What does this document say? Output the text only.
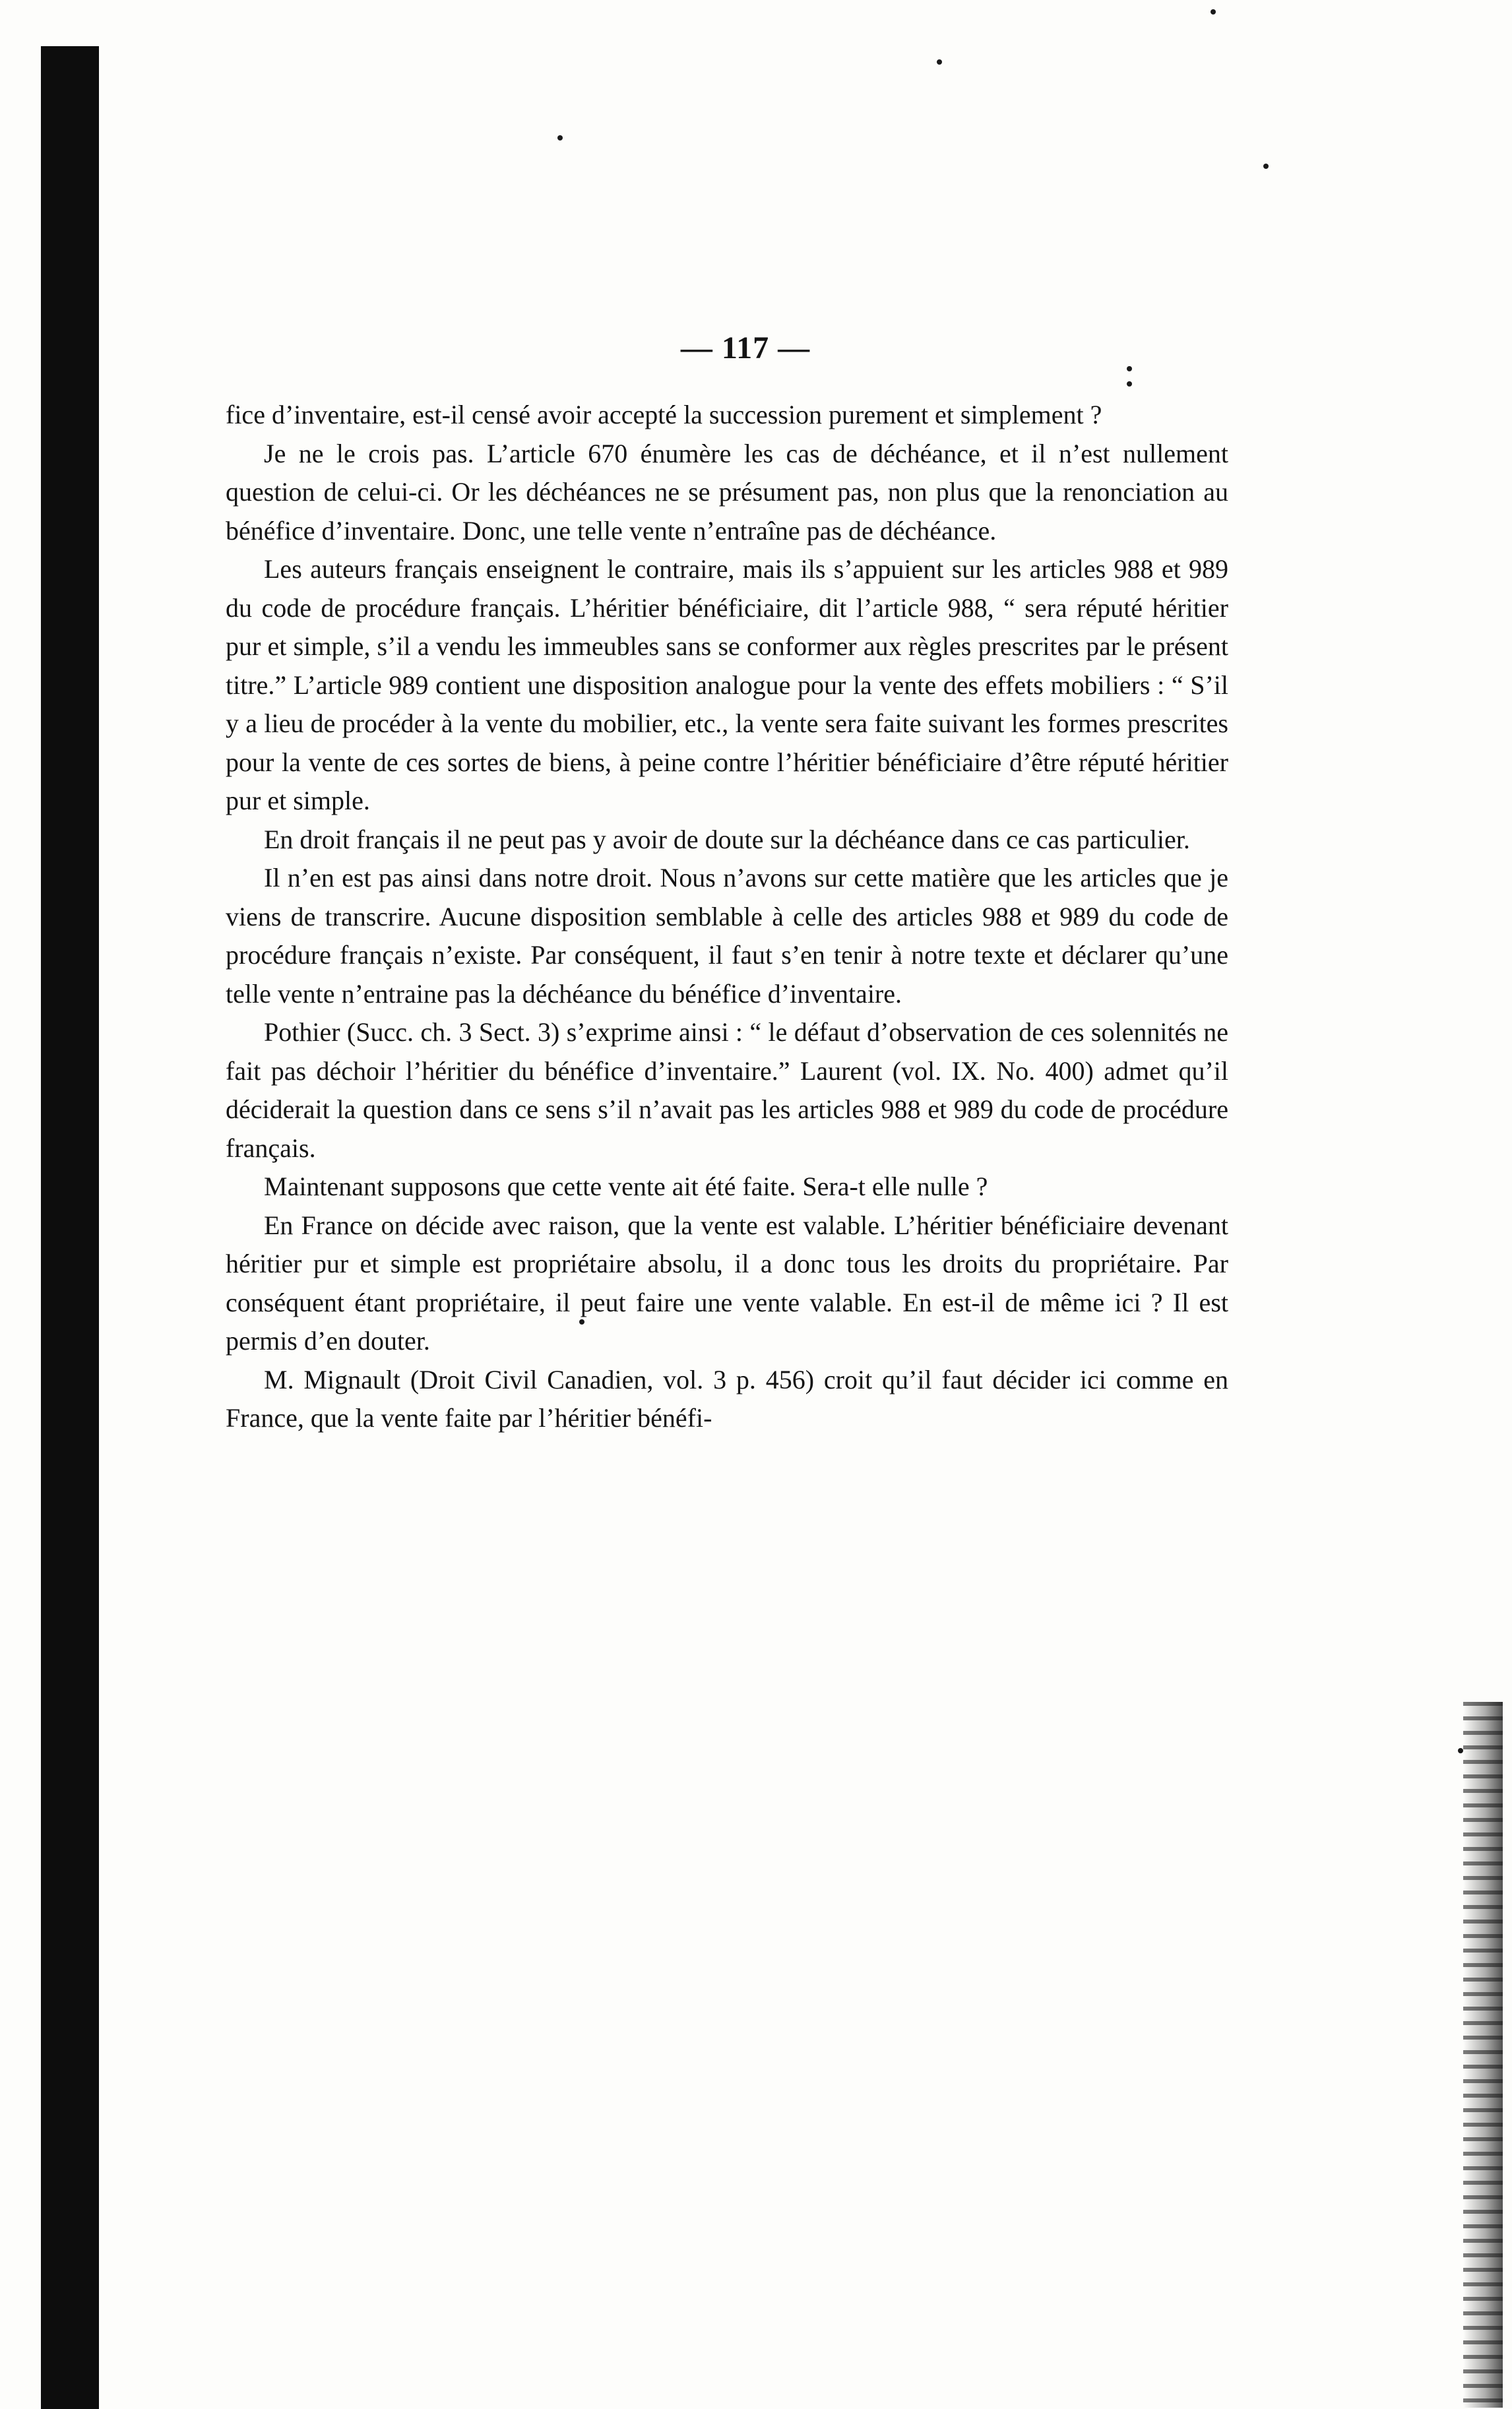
— 117 —

fice d’inventaire, est-il censé avoir accepté la succession purement et simplement ?

Je ne le crois pas. L’article 670 énumère les cas de déchéance, et il n’est nullement question de celui-ci. Or les déchéances ne se présument pas, non plus que la renonciation au bénéfice d’inventaire. Donc, une telle vente n’entraîne pas de déchéance.

Les auteurs français enseignent le contraire, mais ils s’appuient sur les articles 988 et 989 du code de procédure français. L’héritier bénéficiaire, dit l’article 988, “ sera réputé héritier pur et simple, s’il a vendu les immeubles sans se conformer aux règles prescrites par le présent titre.” L’article 989 contient une disposition analogue pour la vente des effets mobiliers : “ S’il y a lieu de procéder à la vente du mobilier, etc., la vente sera faite suivant les formes prescrites pour la vente de ces sortes de biens, à peine contre l’héritier bénéficiaire d’être réputé héritier pur et simple.

En droit français il ne peut pas y avoir de doute sur la déchéance dans ce cas particulier.

Il n’en est pas ainsi dans notre droit. Nous n’avons sur cette matière que les articles que je viens de transcrire. Aucune disposition semblable à celle des articles 988 et 989 du code de procédure français n’existe. Par conséquent, il faut s’en tenir à notre texte et déclarer qu’une telle vente n’entraine pas la déchéance du bénéfice d’inventaire.

Pothier (Succ. ch. 3 Sect. 3) s’exprime ainsi : “ le défaut d’observation de ces solennités ne fait pas déchoir l’héritier du bénéfice d’inventaire.” Laurent (vol. IX. No. 400) admet qu’il déciderait la question dans ce sens s’il n’avait pas les articles 988 et 989 du code de procédure français.

Maintenant supposons que cette vente ait été faite. Sera-t elle nulle ?

En France on décide avec raison, que la vente est valable. L’héritier bénéficiaire devenant héritier pur et simple est propriétaire absolu, il a donc tous les droits du propriétaire. Par conséquent étant propriétaire, il peut faire une vente valable. En est-il de même ici ? Il est permis d’en douter.

M. Mignault (Droit Civil Canadien, vol. 3 p. 456) croit qu’il faut décider ici comme en France, que la vente faite par l’héritier bénéfi-
